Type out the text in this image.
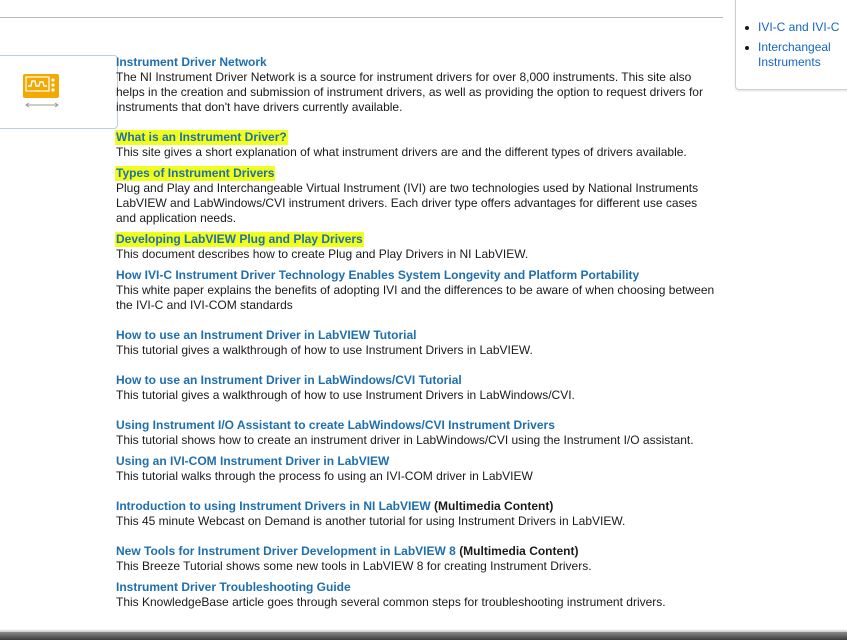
IVI-C and IVI-C
Interchangeal Instruments
Instrument Driver Network
The NI Instrument Driver Network is a source for instrument drivers for over 8,000 instruments. This site also helps in the creation and submission of instrument drivers, as well as providing the option to request drivers for instruments that don't have drivers currently available.
What is an Instrument Driver?
This site gives a short explanation of what instrument drivers are and the different types of drivers available.
Types of Instrument Drivers
Plug and Play and Interchangeable Virtual Instrument (IVI) are two technologies used by National Instruments LabVIEW and LabWindows/CVI instrument drivers. Each driver type offers advantages for different use cases and application needs.
Developing LabVIEW Plug and Play Drivers
This document describes how to create Plug and Play Drivers in NI LabVIEW.
How IVI-C Instrument Driver Technology Enables System Longevity and Platform Portability
This white paper explains the benefits of adopting IVI and the differences to be aware of when choosing between the IVI-C and IVI-COM standards
How to use an Instrument Driver in LabVIEW Tutorial
This tutorial gives a walkthrough of how to use Instrument Drivers in LabVIEW.
How to use an Instrument Driver in LabWindows/CVI Tutorial
This tutorial gives a walkthrough of how to use Instrument Drivers in LabWindows/CVI.
Using Instrument I/O Assistant to create LabWindows/CVI Instrument Drivers
This tutorial shows how to create an instrument driver in LabWindows/CVI using the Instrument I/O assistant.
Using an IVI-COM Instrument Driver in LabVIEW
This tutorial walks through the process fo using an IVI-COM driver in LabVIEW
Introduction to using Instrument Drivers in NI LabVIEW (Multimedia Content)
This 45 minute Webcast on Demand is another tutorial for using Instrument Drivers in LabVIEW.
New Tools for Instrument Driver Development in LabVIEW 8 (Multimedia Content)
This Breeze Tutorial shows some new tools in LabVIEW 8 for creating Instrument Drivers.
Instrument Driver Troubleshooting Guide
This KnowledgeBase article goes through several common steps for troubleshooting instrument drivers.
